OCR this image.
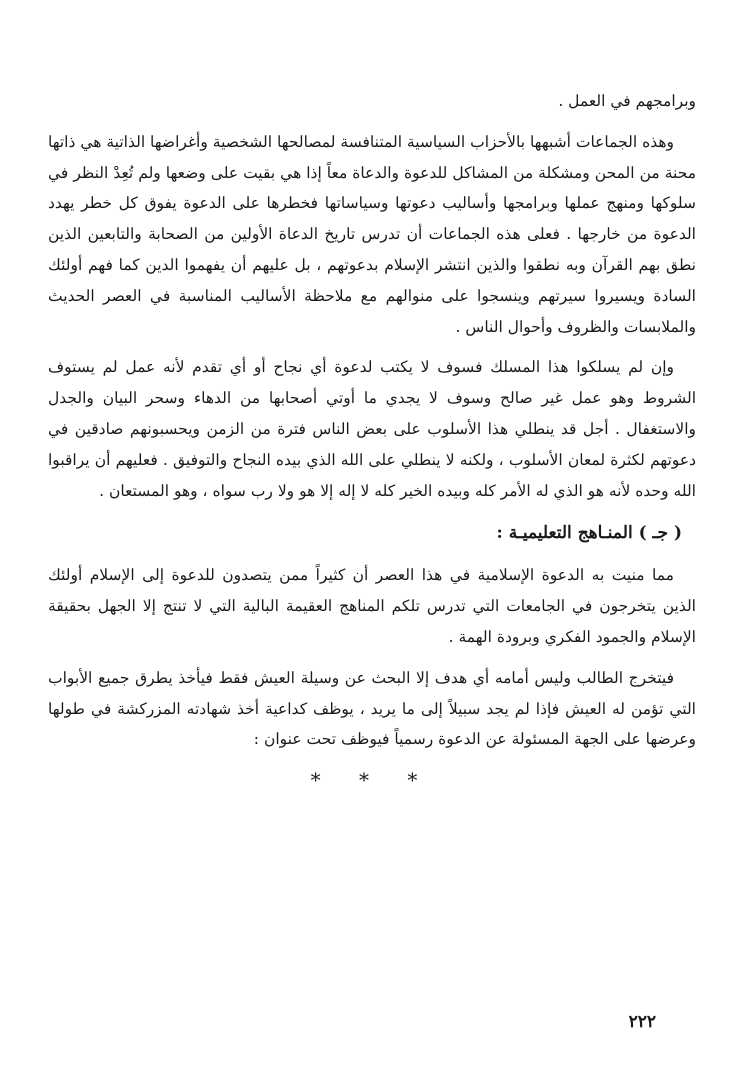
وبرامجهم في العمل .

وهذه الجماعات أشبهها بالأحزاب السياسية المتنافسة لمصالحها الشخصية وأغراضها الذاتية هي ذاتها محنة من المحن ومشكلة من المشاكل للدعوة والدعاة معاً إذا هي بقيت على وضعها ولم تُعِدْ النظر في سلوكها ومنهج عملها وبرامجها وأساليب دعوتها وسياساتها فخطرها على الدعوة يفوق كل خطر يهدد الدعوة من خارجها . فعلى هذه الجماعات أن تدرس تاريخ الدعاة الأولين من الصحابة والتابعين الذين نطق بهم القرآن وبه نطقوا والذين انتشر الإسلام بدعوتهم ، بل عليهم أن يفهموا الدين كما فهم أولئك السادة ويسيروا سيرتهم وينسجوا على منوالهم مع ملاحظة الأساليب المناسبة في العصر الحديث والملابسات والظروف وأحوال الناس .

وإن لم يسلكوا هذا المسلك فسوف لا يكتب لدعوة أي نجاح أو أي تقدم لأنه عمل لم يستوف الشروط وهو عمل غير صالح وسوف لا يجدي ما أوتي أصحابها من الدهاء وسحر البيان والجدل والاستغفال . أجل قد ينطلي هذا الأسلوب على بعض الناس فترة من الزمن ويحسبونهم صادقين في دعوتهم لكثرة لمعان الأسلوب ، ولكنه لا ينطلي على الله الذي بيده النجاح والتوفيق . فعليهم أن يراقبوا الله وحده لأنه هو الذي له الأمر كله وبيده الخير كله لا إله إلا هو ولا رب سواه ، وهو المستعان .

( جـ ) المنـاهج التعليميـة :

مما منيت به الدعوة الإسلامية في هذا العصر أن كثيراً ممن يتصدون للدعوة إلى الإسلام أولئك الذين يتخرجون في الجامعات التي تدرس تلكم المناهج العقيمة البالية التي لا تنتج إلا الجهل بحقيقة الإسلام والجمود الفكري وبرودة الهمة .

فيتخرج الطالب وليس أمامه أي هدف إلا البحث عن وسيلة العيش فقط فيأخذ يطرق جميع الأبواب التي تؤمن له العيش فإذا لم يجد سبيلاً إلى ما يريد ، يوظف كداعية أخذ شهادته المزركشة في طولها وعرضها على الجهة المسئولة عن الدعوة رسمياً فيوظف تحت عنوان :

* * *
٢٢٢
